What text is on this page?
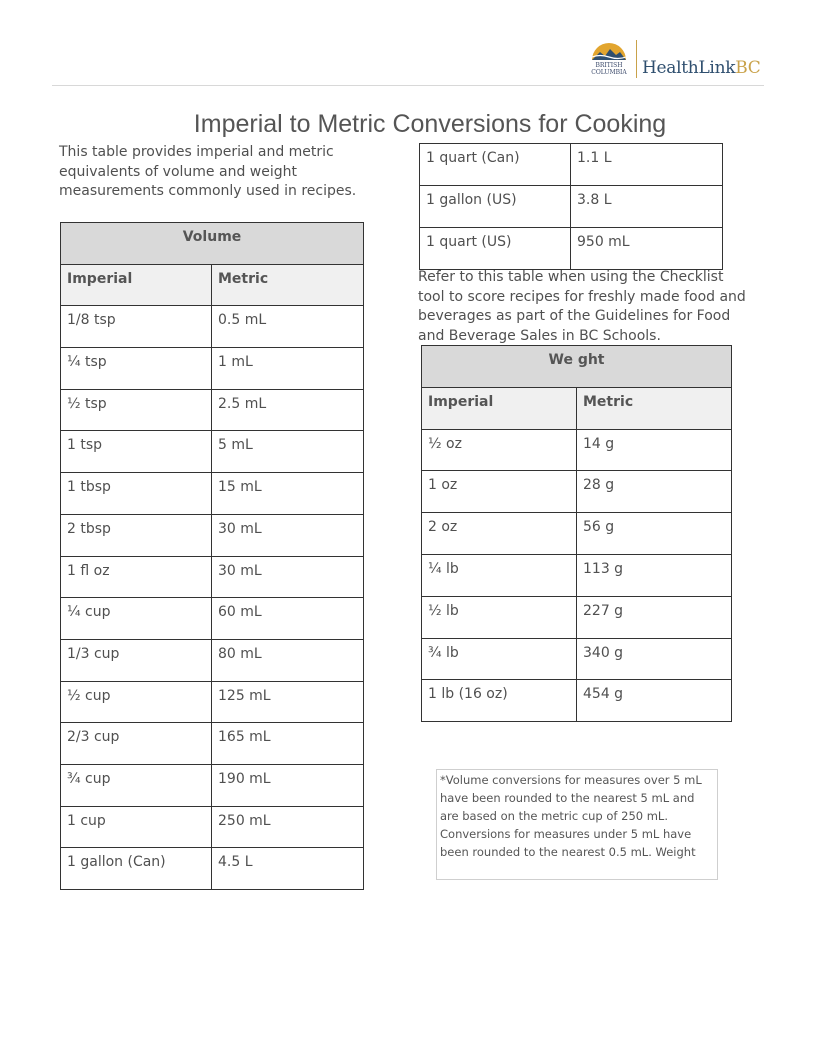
BRITISH
COLUMBIA HealthLinkBC
Imperial to Metric Conversions for Cooking
This table provides imperial and metric equivalents of volume and weight measurements commonly used in recipes.
Volume	
Imperial	Metric
1/8 tsp	0.5 mL
¼ tsp	1 mL
½ tsp	2.5 mL
1 tsp	5 mL
1 tbsp	15 mL
2 tbsp	30 mL
1 fl oz	30 mL
¼ cup	60 mL
1/3 cup	80 mL
½ cup	125 mL
2/3 cup	165 mL
¾ cup	190 mL
1 cup	250 mL
1 gallon (Can)	4.5 L
1 quart (Can)	1.1 L
1 gallon (US)	3.8 L
1 quart (US)	950 mL
Refer to this table when using the Checklist tool to score recipes for freshly made food and beverages as part of the Guidelines for Food and Beverage Sales in BC Schools.
We ght	
Imperial	Metric
½ oz	14 g
1 oz	28 g
2 oz	56 g
¼ lb	113 g
½ lb	227 g
¾ lb	340 g
1 lb (16 oz)	454 g
*Volume conversions for measures over 5 mL have been rounded to the nearest 5 mL and are based on the metric cup of 250 mL. Conversions for measures under 5 mL have been rounded to the nearest 0.5 mL. Weight
